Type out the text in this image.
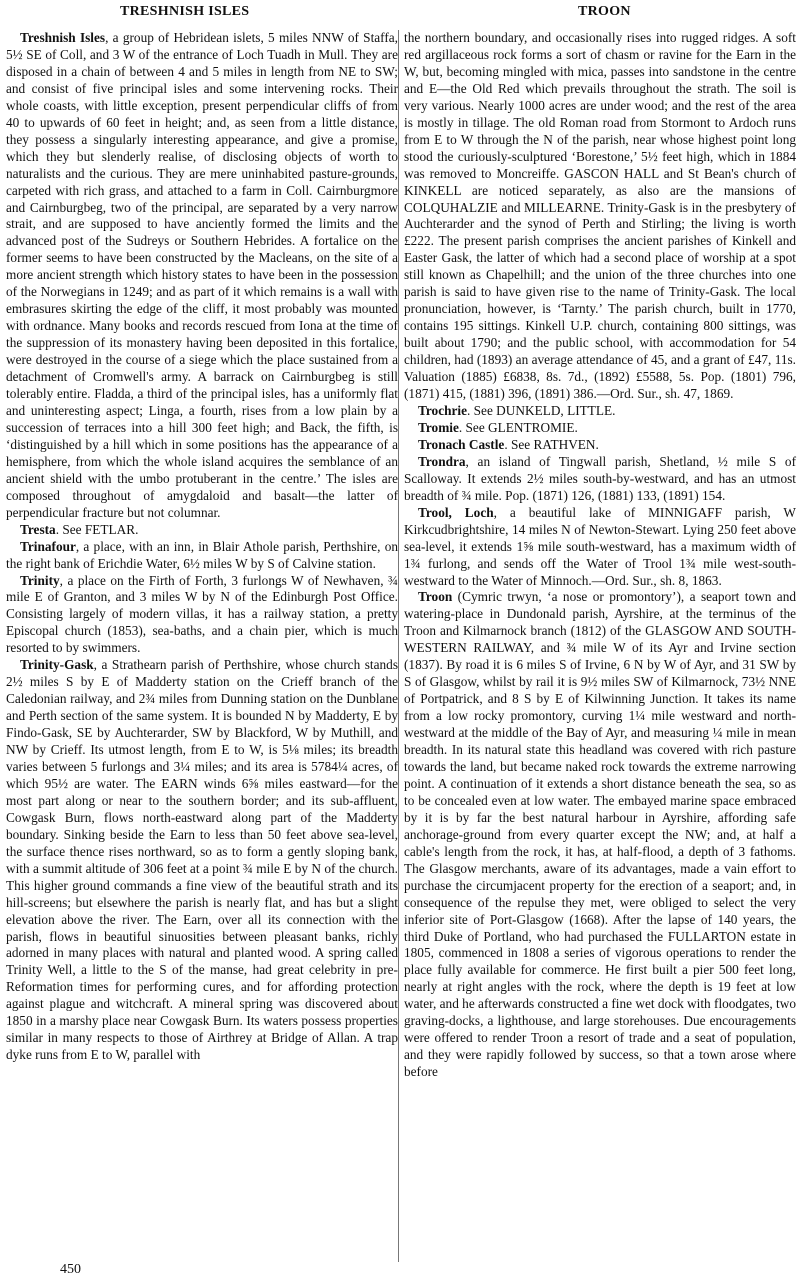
TRESHNISH ISLES	TROON

Treshnish Isles, a group of Hebridean islets, 5 miles NNW of Staffa, 5½ SE of Coll, and 3 W of the entrance of Loch Tuadh in Mull. They are disposed in a chain of between 4 and 5 miles in length from NE to SW; and consist of five principal isles and some intervening rocks. Their whole coasts, with little exception, present perpendicular cliffs of from 40 to upwards of 60 feet in height; and, as seen from a little distance, they possess a singularly interesting appearance, and give a promise, which they but slenderly realise, of disclosing objects of worth to naturalists and the curious. They are mere uninhabited pasture-grounds, carpeted with rich grass, and attached to a farm in Coll. Cairnburgmore and Cairnburgbeg, two of the principal, are separated by a very narrow strait, and are supposed to have anciently formed the limits and the advanced post of the Sudreys or Southern Hebrides. A fortalice on the former seems to have been constructed by the Macleans, on the site of a more ancient strength which history states to have been in the possession of the Norwegians in 1249; and as part of it which remains is a wall with embrasures skirting the edge of the cliff, it most probably was mounted with ordnance. Many books and records rescued from Iona at the time of the suppression of its monastery having been deposited in this fortalice, were destroyed in the course of a siege which the place sustained from a detachment of Cromwell's army. A barrack on Cairnburgbeg is still tolerably entire. Fladda, a third of the principal isles, has a uniformly flat and uninteresting aspect; Linga, a fourth, rises from a low plain by a succession of terraces into a hill 300 feet high; and Back, the fifth, is ‘distinguished by a hill which in some positions has the appearance of a hemisphere, from which the whole island acquires the semblance of an ancient shield with the umbo protuberant in the centre.’ The isles are composed throughout of amygdaloid and basalt—the latter of perpendicular fracture but not columnar.

Tresta. See FETLAR.

Trinafour, a place, with an inn, in Blair Athole parish, Perthshire, on the right bank of Erichdie Water, 6½ miles W by S of Calvine station.

Trinity, a place on the Firth of Forth, 3 furlongs W of Newhaven, ¾ mile E of Granton, and 3 miles W by N of the Edinburgh Post Office. Consisting largely of modern villas, it has a railway station, a pretty Episcopal church (1853), sea-baths, and a chain pier, which is much resorted to by swimmers.

Trinity-Gask, a Strathearn parish of Perthshire, whose church stands 2½ miles S by E of Madderty station on the Crieff branch of the Caledonian railway, and 2¾ miles from Dunning station on the Dunblane and Perth section of the same system. It is bounded N by Madderty, E by Findo-Gask, SE by Auchterarder, SW by Blackford, W by Muthill, and NW by Crieff. Its utmost length, from E to W, is 5⅛ miles; its breadth varies between 5 furlongs and 3¼ miles; and its area is 5784¼ acres, of which 95½ are water. The EARN winds 6⅝ miles eastward—for the most part along or near to the southern border; and its sub-affluent, Cowgask Burn, flows north-eastward along part of the Madderty boundary. Sinking beside the Earn to less than 50 feet above sea-level, the surface thence rises northward, so as to form a gently sloping bank, with a summit altitude of 306 feet at a point ¾ mile E by N of the church. This higher ground commands a fine view of the beautiful strath and its hill-screens; but elsewhere the parish is nearly flat, and has but a slight elevation above the river. The Earn, over all its connection with the parish, flows in beautiful sinuosities between pleasant banks, richly adorned in many places with natural and planted wood. A spring called Trinity Well, a little to the S of the manse, had great celebrity in pre-Reformation times for performing cures, and for affording protection against plague and witchcraft. A mineral spring was discovered about 1850 in a marshy place near Cowgask Burn. Its waters possess properties similar in many respects to those of Airthrey at Bridge of Allan. A trap dyke runs from E to W, parallel with

the northern boundary, and occasionally rises into rugged ridges. A soft red argillaceous rock forms a sort of chasm or ravine for the Earn in the W, but, becoming mingled with mica, passes into sandstone in the centre and E—the Old Red which prevails throughout the strath. The soil is very various. Nearly 1000 acres are under wood; and the rest of the area is mostly in tillage. The old Roman road from Stormont to Ardoch runs from E to W through the N of the parish, near whose highest point long stood the curiously-sculptured ‘Borestone,’ 5½ feet high, which in 1884 was removed to Moncreiffe. GASCON HALL and St Bean's church of KINKELL are noticed separately, as also are the mansions of COLQUHALZIE and MILLEARNE. Trinity-Gask is in the presbytery of Auchterarder and the synod of Perth and Stirling; the living is worth £222. The present parish comprises the ancient parishes of Kinkell and Easter Gask, the latter of which had a second place of worship at a spot still known as Chapelhill; and the union of the three churches into one parish is said to have given rise to the name of Trinity-Gask. The local pronunciation, however, is ‘Tarnty.’ The parish church, built in 1770, contains 195 sittings. Kinkell U.P. church, containing 800 sittings, was built about 1790; and the public school, with accommodation for 54 children, had (1893) an average attendance of 45, and a grant of £47, 11s. Valuation (1885) £6838, 8s. 7d., (1892) £5588, 5s. Pop. (1801) 796, (1871) 415, (1881) 396, (1891) 386.—Ord. Sur., sh. 47, 1869.

Trochrie. See DUNKELD, LITTLE.

Tromie. See GLENTROMIE.

Tronach Castle. See RATHVEN.

Trondra, an island of Tingwall parish, Shetland, ½ mile S of Scalloway. It extends 2½ miles south-by-westward, and has an utmost breadth of ¾ mile. Pop. (1871) 126, (1881) 133, (1891) 154.

Trool, Loch, a beautiful lake of MINNIGAFF parish, W Kirkcudbrightshire, 14 miles N of Newton-Stewart. Lying 250 feet above sea-level, it extends 1⅝ mile south-westward, has a maximum width of 1¾ furlong, and sends off the Water of Trool 1¾ mile west-south-westward to the Water of Minnoch.—Ord. Sur., sh. 8, 1863.

Troon (Cymric trwyn, ‘a nose or promontory’), a seaport town and watering-place in Dundonald parish, Ayrshire, at the terminus of the Troon and Kilmarnock branch (1812) of the GLASGOW AND SOUTH-WESTERN RAILWAY, and ¾ mile W of its Ayr and Irvine section (1837). By road it is 6 miles S of Irvine, 6 N by W of Ayr, and 31 SW by S of Glasgow, whilst by rail it is 9½ miles SW of Kilmarnock, 73½ NNE of Portpatrick, and 8 S by E of Kilwinning Junction. It takes its name from a low rocky promontory, curving 1¼ mile westward and north-westward at the middle of the Bay of Ayr, and measuring ¼ mile in mean breadth. In its natural state this headland was covered with rich pasture towards the land, but became naked rock towards the extreme narrowing point. A continuation of it extends a short distance beneath the sea, so as to be concealed even at low water. The embayed marine space embraced by it is by far the best natural harbour in Ayrshire, affording safe anchorage-ground from every quarter except the NW; and, at half a cable's length from the rock, it has, at half-flood, a depth of 3 fathoms. The Glasgow merchants, aware of its advantages, made a vain effort to purchase the circumjacent property for the erection of a seaport; and, in consequence of the repulse they met, were obliged to select the very inferior site of Port-Glasgow (1668). After the lapse of 140 years, the third Duke of Portland, who had purchased the FULLARTON estate in 1805, commenced in 1808 a series of vigorous operations to render the place fully available for commerce. He first built a pier 500 feet long, nearly at right angles with the rock, where the depth is 19 feet at low water, and he afterwards constructed a fine wet dock with floodgates, two graving-docks, a lighthouse, and large storehouses. Due encouragements were offered to render Troon a resort of trade and a seat of population, and they were rapidly followed by success, so that a town arose where before

450
